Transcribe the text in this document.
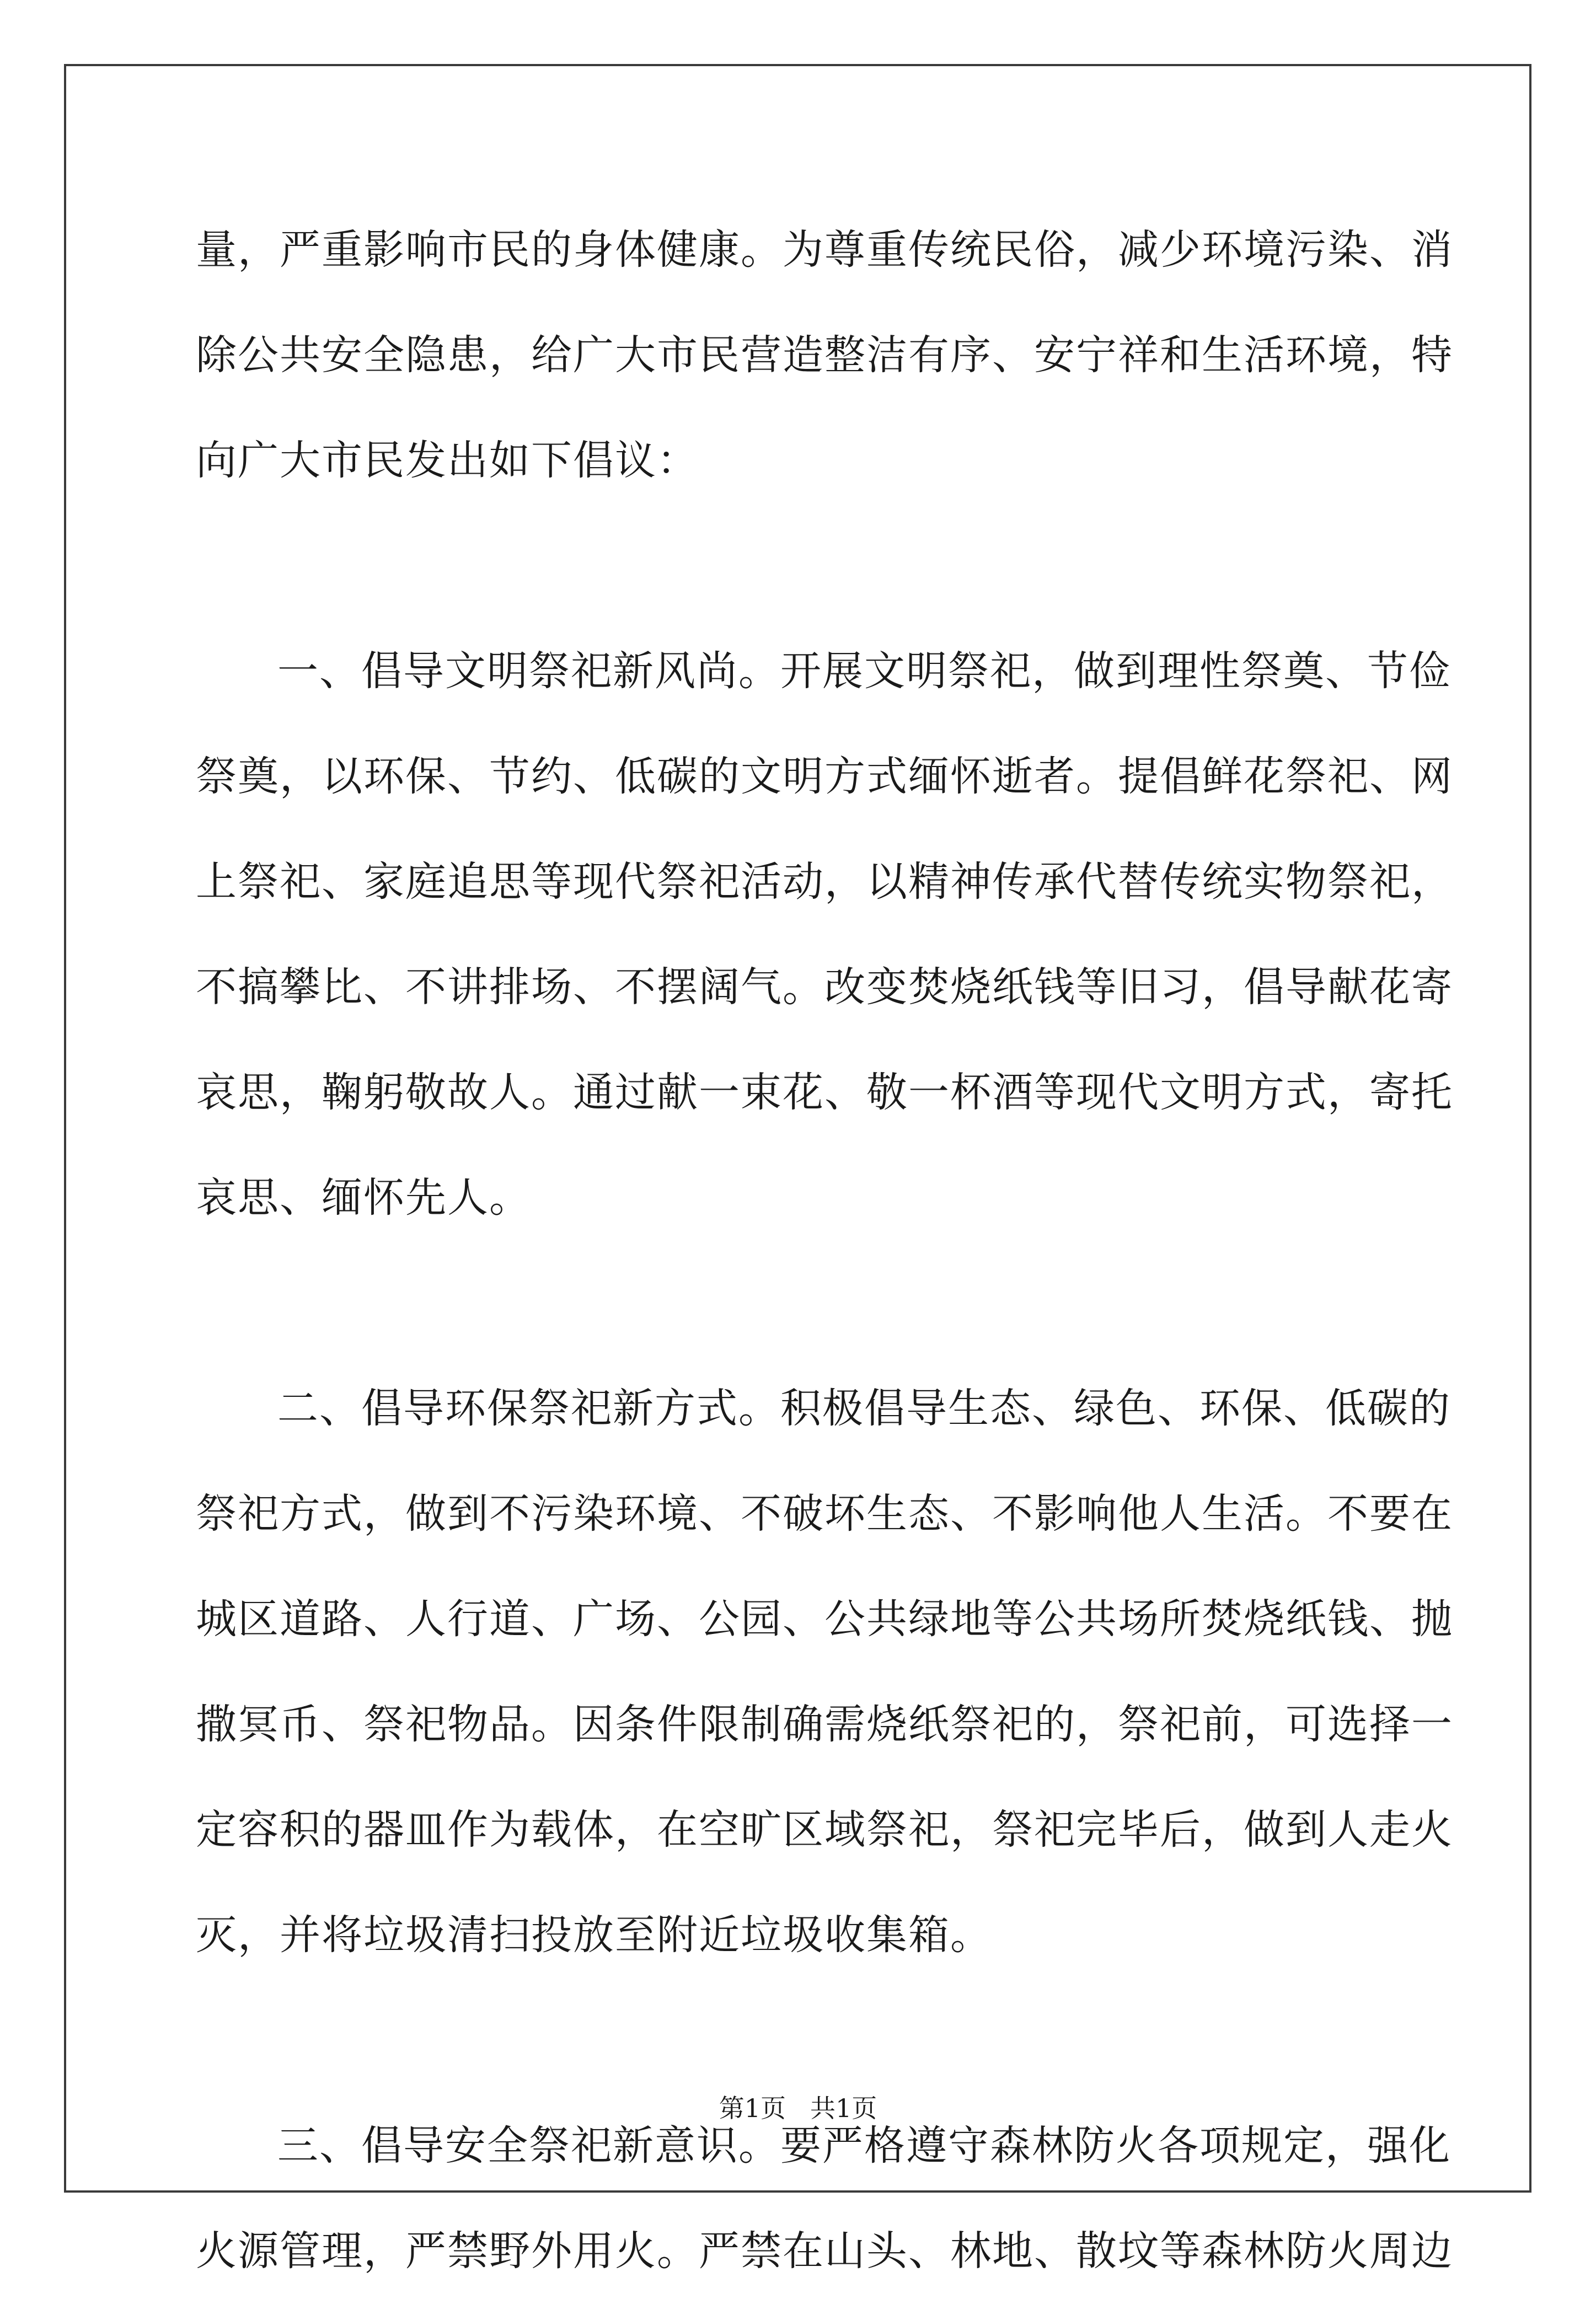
量，严重影响市民的身体健康。为尊重传统民俗，减少环境污染、消
除公共安全隐患，给广大市民营造整洁有序、安宁祥和生活环境，特
向广大市民发出如下倡议：
一、倡导文明祭祀新风尚。开展文明祭祀，做到理性祭奠、节俭
祭奠，以环保、节约、低碳的文明方式缅怀逝者。提倡鲜花祭祀、网
上祭祀、家庭追思等现代祭祀活动，以精神传承代替传统实物祭祀，
不搞攀比、不讲排场、不摆阔气。改变焚烧纸钱等旧习，倡导献花寄
哀思，鞠躬敬故人。通过献一束花、敬一杯酒等现代文明方式，寄托
哀思、缅怀先人。
二、倡导环保祭祀新方式。积极倡导生态、绿色、环保、低碳的
祭祀方式，做到不污染环境、不破坏生态、不影响他人生活。不要在
城区道路、人行道、广场、公园、公共绿地等公共场所焚烧纸钱、抛
撒冥币、祭祀物品。因条件限制确需烧纸祭祀的，祭祀前，可选择一
定容积的器皿作为载体，在空旷区域祭祀，祭祀完毕后，做到人走火
灭，并将垃圾清扫投放至附近垃圾收集箱。
三、倡导安全祭祀新意识。要严格遵守森林防火各项规定，强化
火源管理，严禁野外用火。严禁在山头、林地、散坟等森林防火周边
第1页 共1页
